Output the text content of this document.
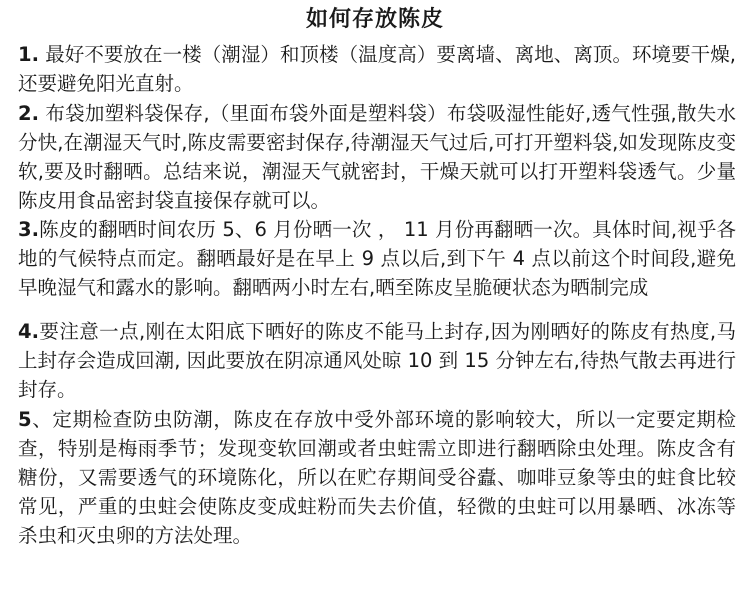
如何存放陈皮
1. 最好不要放在一楼（潮湿）和顶楼（温度高）要离墙、离地、离顶。环境要干燥,还要避免阳光直射。
2. 布袋加塑料袋保存,（里面布袋外面是塑料袋）布袋吸湿性能好,透气性强,散失水分快,在潮湿天气时,陈皮需要密封保存,待潮湿天气过后,可打开塑料袋,如发现陈皮变软,要及时翻晒。总结来说，潮湿天气就密封，干燥天就可以打开塑料袋透气。少量陈皮用食品密封袋直接保存就可以。
3.陈皮的翻晒时间农历 5、6 月份晒一次 ， 11 月份再翻晒一次。具体时间,视乎各地的气候特点而定。翻晒最好是在早上 9 点以后,到下午 4 点以前这个时间段,避免早晚湿气和露水的影响。翻晒两小时左右,晒至陈皮呈脆硬状态为晒制完成
4.要注意一点,刚在太阳底下晒好的陈皮不能马上封存,因为刚晒好的陈皮有热度,马上封存会造成回潮, 因此要放在阴凉通风处晾 10 到 15 分钟左右,待热气散去再进行封存。
5、定期检查防虫防潮，陈皮在存放中受外部环境的影响较大，所以一定要定期检查，特别是梅雨季节；发现变软回潮或者虫蛀需立即进行翻晒除虫处理。陈皮含有糖份，又需要透气的环境陈化，所以在贮存期间受谷蠹、咖啡豆象等虫的蛀食比较常见，严重的虫蛀会使陈皮变成蛀粉而失去价值，轻微的虫蛀可以用暴晒、冰冻等杀虫和灭虫卵的方法处理。
